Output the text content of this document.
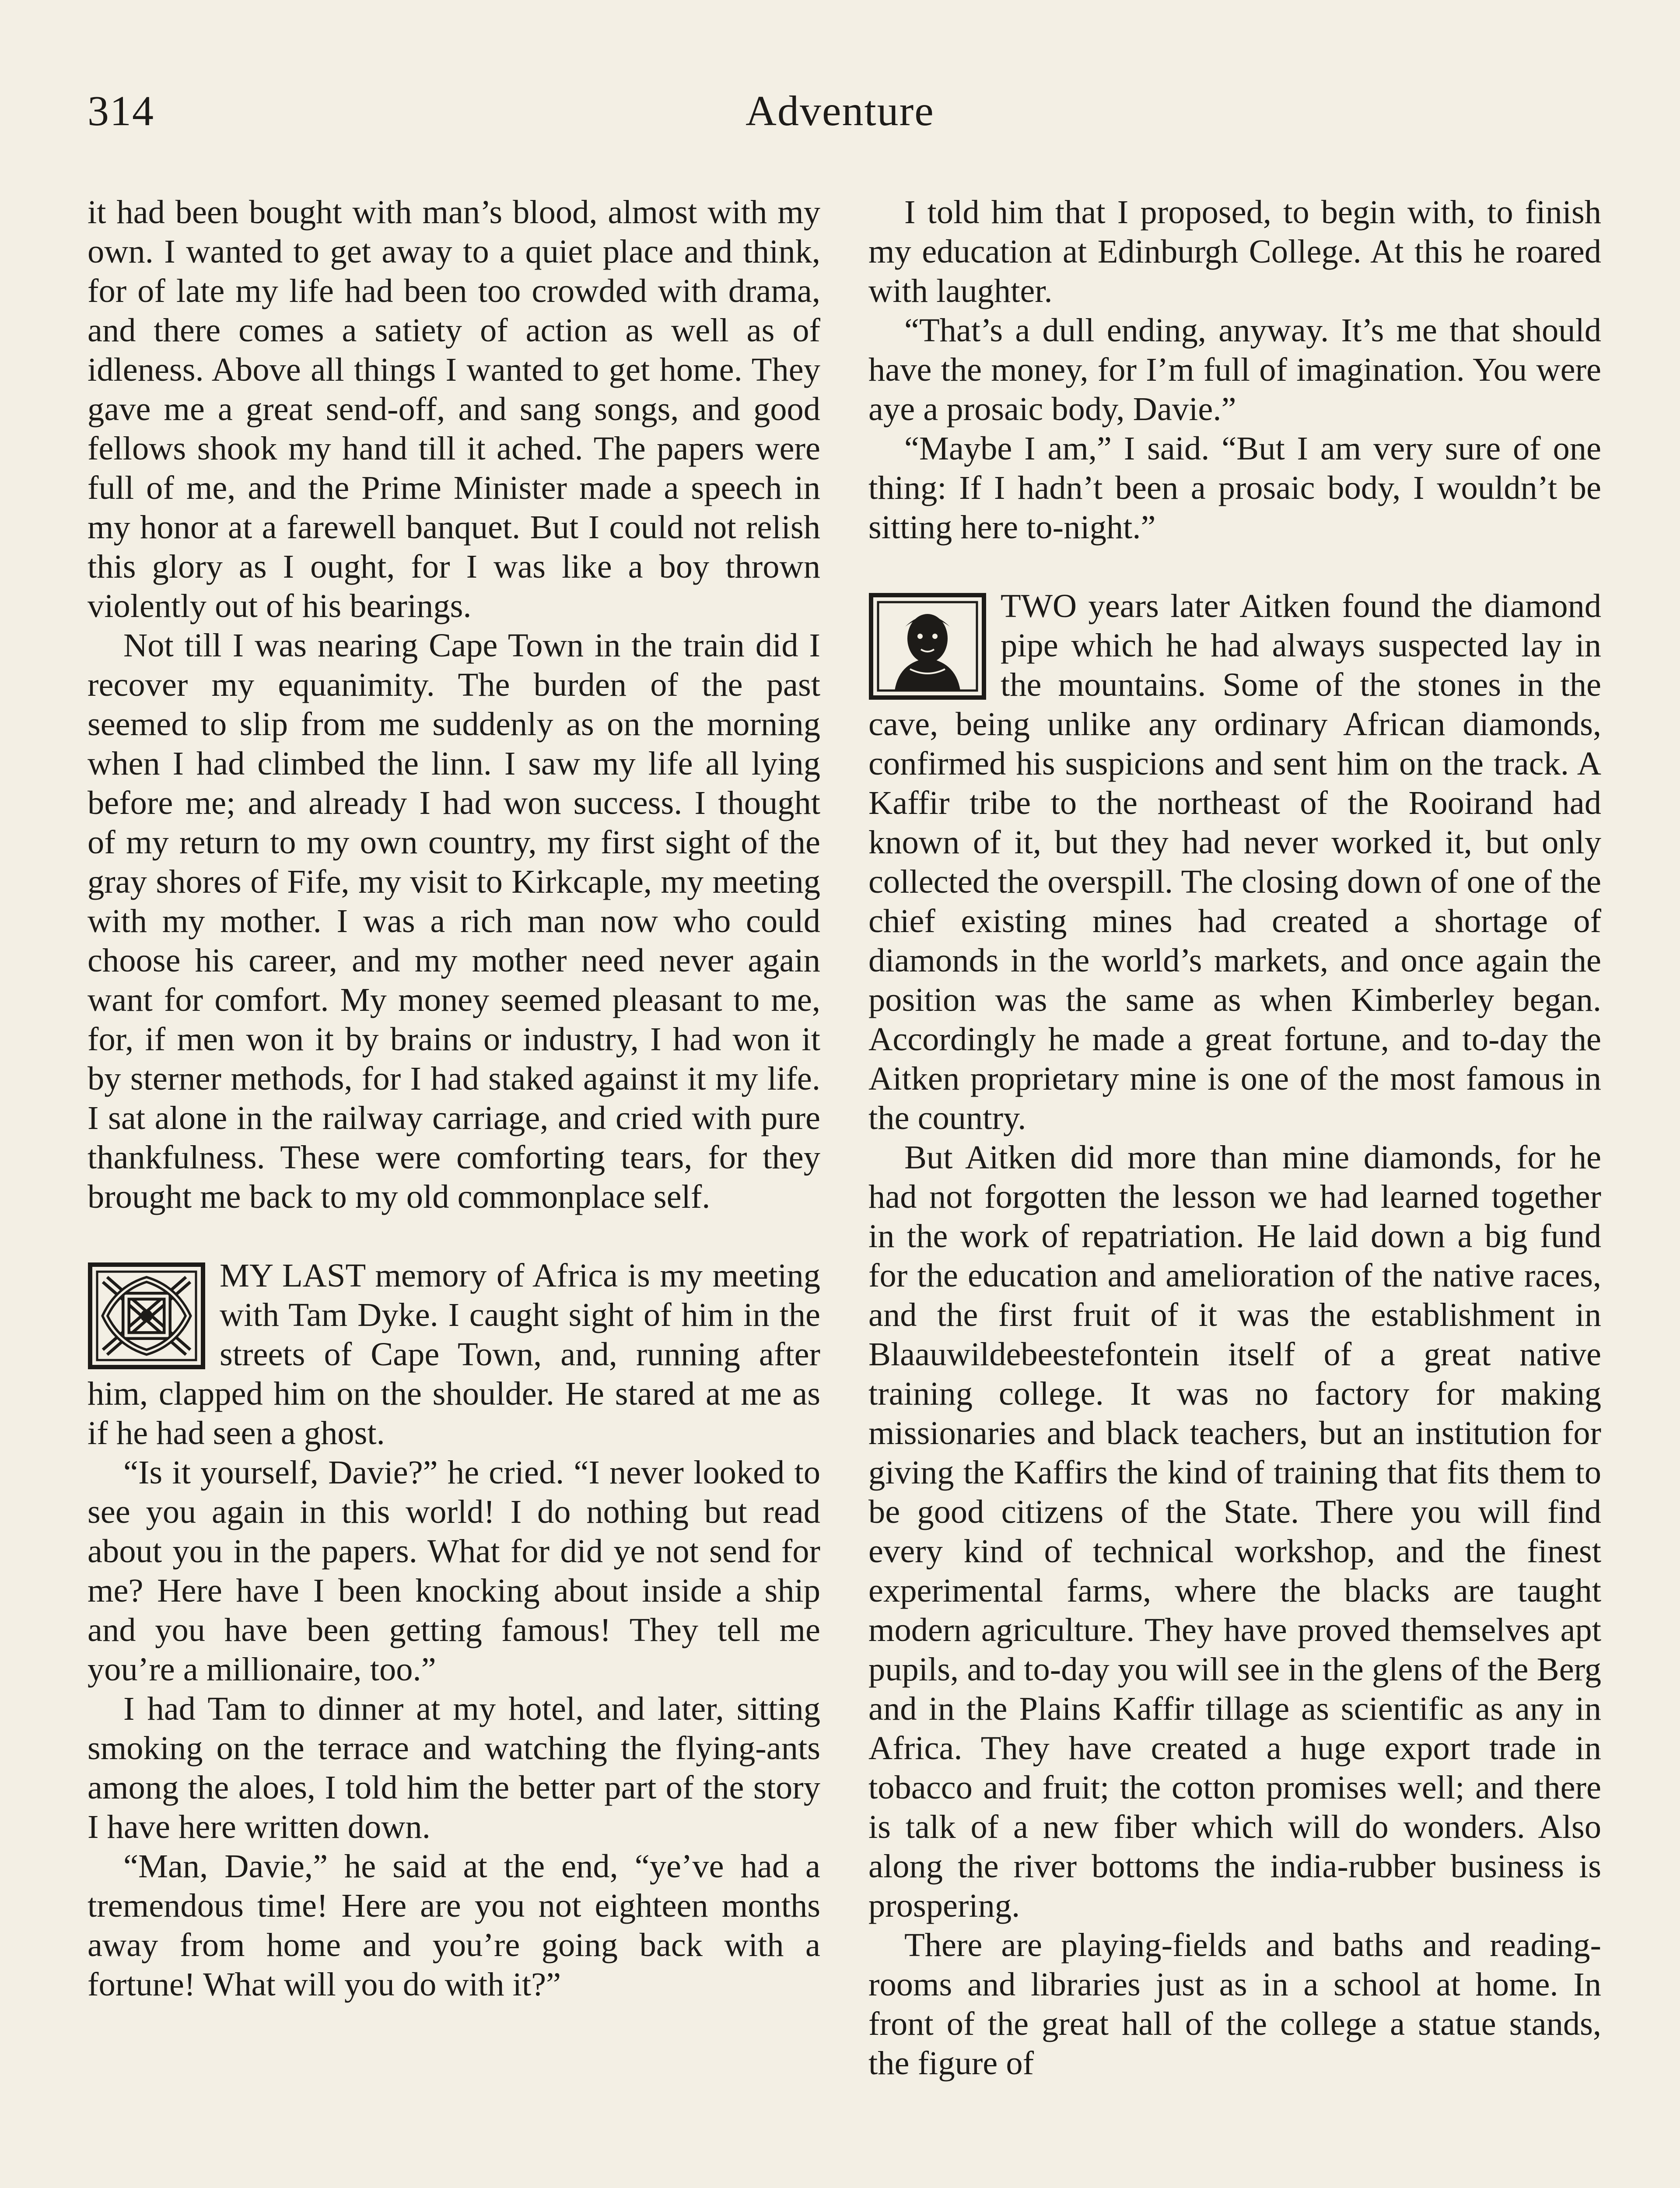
314	Adventure

it had been bought with man’s blood, almost with my own. I wanted to get away to a quiet place and think, for of late my life had been too crowded with drama, and there comes a satiety of action as well as of idleness. Above all things I wanted to get home. They gave me a great send-off, and sang songs, and good fellows shook my hand till it ached. The papers were full of me, and the Prime Minister made a speech in my honor at a farewell banquet. But I could not relish this glory as I ought, for I was like a boy thrown violently out of his bearings.

Not till I was nearing Cape Town in the train did I recover my equanimity. The burden of the past seemed to slip from me suddenly as on the morning when I had climbed the linn. I saw my life all lying before me; and already I had won success. I thought of my return to my own country, my first sight of the gray shores of Fife, my visit to Kirkcaple, my meeting with my mother. I was a rich man now who could choose his career, and my mother need never again want for comfort. My money seemed pleasant to me, for, if men won it by brains or industry, I had won it by sterner methods, for I had staked against it my life. I sat alone in the railway carriage, and cried with pure thankfulness. These were comforting tears, for they brought me back to my old commonplace self.

MY LAST memory of Africa is my meeting with Tam Dyke. I caught sight of him in the streets of Cape Town, and, running after him, clapped him on the shoulder. He stared at me as if he had seen a ghost.

“Is it yourself, Davie?” he cried. “I never looked to see you again in this world! I do nothing but read about you in the papers. What for did ye not send for me? Here have I been knocking about inside a ship and you have been getting famous! They tell me you’re a millionaire, too.”

I had Tam to dinner at my hotel, and later, sitting smoking on the terrace and watching the flying-ants among the aloes, I told him the better part of the story I have here written down.

“Man, Davie,” he said at the end, “ye’ve had a tremendous time! Here are you not eighteen months away from home and you’re going back with a fortune! What will you do with it?”

I told him that I proposed, to begin with, to finish my education at Edinburgh College. At this he roared with laughter.

“That’s a dull ending, anyway. It’s me that should have the money, for I’m full of imagination. You were aye a prosaic body, Davie.”

“Maybe I am,” I said. “But I am very sure of one thing: If I hadn’t been a prosaic body, I wouldn’t be sitting here to-night.”

TWO years later Aitken found the diamond pipe which he had always suspected lay in the mountains. Some of the stones in the cave, being unlike any ordinary African diamonds, confirmed his suspicions and sent him on the track. A Kaffir tribe to the northeast of the Rooirand had known of it, but they had never worked it, but only collected the overspill. The closing down of one of the chief existing mines had created a shortage of diamonds in the world’s markets, and once again the position was the same as when Kimberley began. Accordingly he made a great fortune, and to-day the Aitken proprietary mine is one of the most famous in the country.

But Aitken did more than mine diamonds, for he had not forgotten the lesson we had learned together in the work of repatriation. He laid down a big fund for the education and amelioration of the native races, and the first fruit of it was the establishment in Blaauwildebeestefontein itself of a great native training college. It was no factory for making missionaries and black teachers, but an institution for giving the Kaffirs the kind of training that fits them to be good citizens of the State. There you will find every kind of technical workshop, and the finest experimental farms, where the blacks are taught modern agriculture. They have proved themselves apt pupils, and to-day you will see in the glens of the Berg and in the Plains Kaffir tillage as scientific as any in Africa. They have created a huge export trade in tobacco and fruit; the cotton promises well; and there is talk of a new fiber which will do wonders. Also along the river bottoms the india-rubber business is prospering.

There are playing-fields and baths and reading-rooms and libraries just as in a school at home. In front of the great hall of the college a statue stands, the figure of
